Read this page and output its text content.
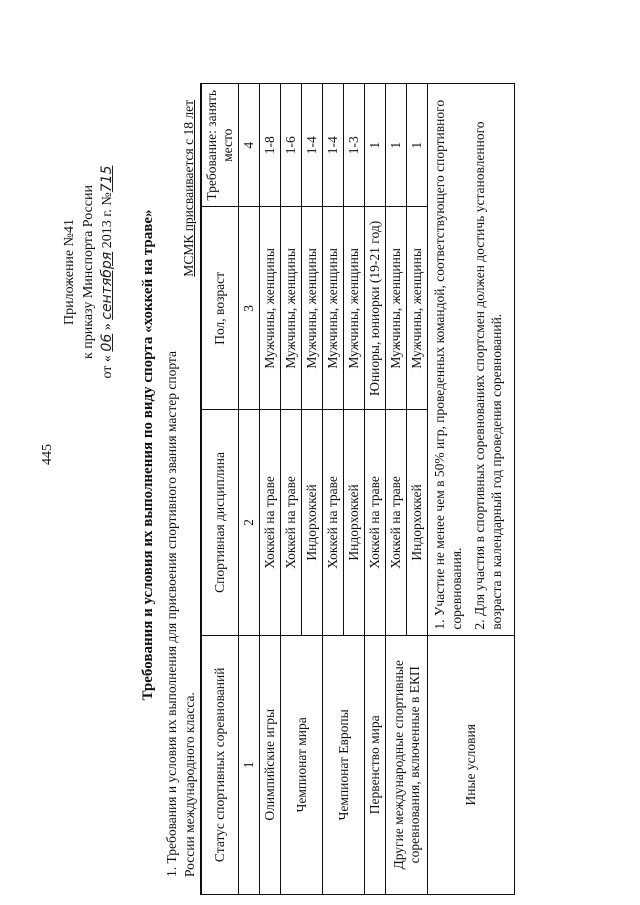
445
Приложение №41 к приказу Минспорта России
от « 06 » сентября 2013 г. №715
Требования и условия их выполнения по виду спорта «хоккей на траве» 1. Требования и условия их выполнения для присвоения спортивного звания мастер спорта России международного класса.
МСМК присваивается с 18 лет
Статус спортивных соревнований	Спортивная дисциплина	Пол, возраст	Требование: занять место
1	2	3	4
Олимпийские игры	Хоккей на траве	Мужчины, женщины	1-8
Чемпионат мира	Хоккей на траве	Мужчины, женщины	1-6
	Индорхоккей	Мужчины, женщины	1-4
Чемпионат Европы	Хоккей на траве	Мужчины, женщины	1-4
	Индорхоккей	Мужчины, женщины	1-3
Первенство мира	Хоккей на траве	Юниоры, юниорки (19-21 год)	1
Другие международные спортивные соревнования, включенные в ЕКП	Хоккей на траве	Мужчины, женщины	1
	Индорхоккей	Мужчины, женщины	1
Иные условия	1. Участие не менее чем в 50% игр, проведенных командой, соответствующего спортивного соревнования. 2. Для участия в спортивных соревнованиях спортсмен должен достичь установленного возраста в календарный год проведения соревнований.		
